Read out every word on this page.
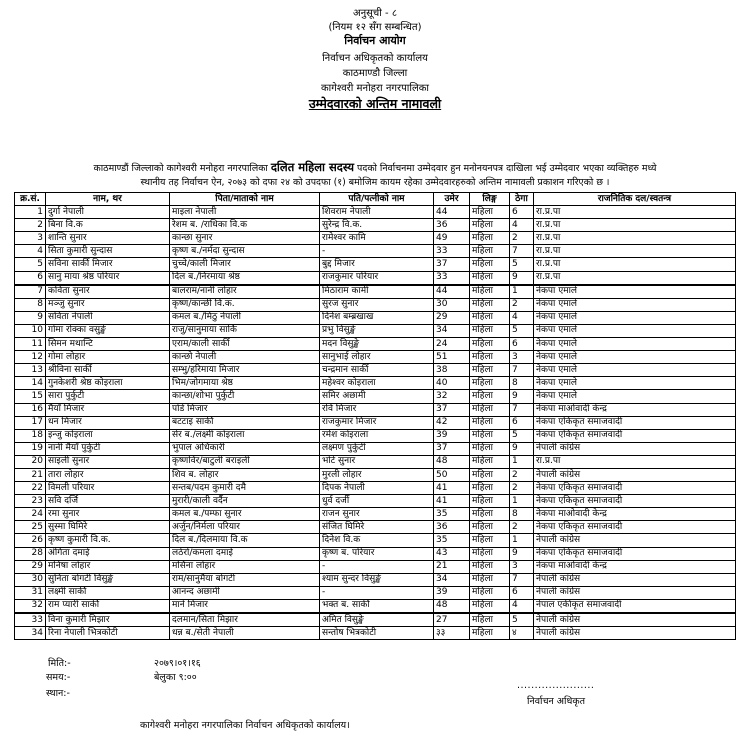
अनुसूची - ८
(नियम १२ सँग सम्बन्धित)
निर्वाचन आयोग
निर्वाचन अधिकृतको कार्यालय
काठमाण्डौ जिल्ला
कागेश्वरी मनोहरा नगरपालिका
उम्मेदवारको अन्तिम नामावली
काठमाण्डौं जिल्लाको कागेश्वरी मनोहरा नगरपालिका दलित महिला सदस्य पदको निर्वाचनमा उम्मेदवार हुन मनोनयनपत्र दाखिला भई उम्मेदवार भएका व्यक्तिहरु मध्ये
स्थानीय तह निर्वाचन ऐन, २०७३ को दफा २४ को उपदफा (१) बमोजिम कायम रहेका उम्मेदवारहरुको अन्तिम नामावली प्रकाशन गरिएको छ ।
क्र.सं.	नाम, थर	पिता/माताको नाम	पति/पत्नीको नाम	उमेर	लिङ्ग	ठेगा	राजनितिक दल/स्वतन्त्र
1	दुर्गा नेपाली	माइला नेपाली	शिवराम नेपाली	44	महिला	6	रा.प्र.पा
2	बिना वि.क	रेशम ब. /राधिका वि.क	सुरेन्द्र वि.क.	36	महिला	4	रा.प्र.पा
3	शान्ति सुनार	कान्छा सुनार	रामेश्वर कामि	49	महिला	2	रा.प्र.पा
4	सिता कुमारी सुन्दास	कृष्ण ब./नर्मदा सुन्दास	-	33	महिला	7	रा.प्र.पा
5	सविना सार्की मिजार	चुच्चे/काली मिजार	बुद्द मिजार	37	महिला	5	रा.प्र.पा
6	सानु माया श्रेष्ठ परियार	दिल ब./निरमाया श्रेष्ठ	राजकुमार परियार	33	महिला	9	रा.प्र.पा
7	कविता सुनार	बालराम/नानी लोहार	मिठाराम कामी	44	महिला	1	नेकपा एमाले
8	मञ्जु सुनार	कृष्ण/कान्छी वि.क.	सुरज सुनार	30	महिला	2	नेकपा एमाले
9	सविता नेपाली	कमल ब./मिठु नेपाली	दिनेश बम्ब्रखाख	29	महिला	4	नेकपा एमाले
10	गोमा रोक्का वसुङ्खे	राजु/सानुमाया सार्कि	प्रभु विसुङ्खे	34	महिला	5	नेकपा एमाले
11	सिमन मथान्टि	एराम/काली सार्की	मदन विसुङ्खे	24	महिला	6	नेकपा एमाले
12	गोमा लोहार	कान्छो नेपाली	सानुभाई लोहार	51	महिला	3	नेकपा एमाले
13	श्रीविना सार्की	सम्भु/हरिमाया मिजार	चन्द्रमान सार्की	38	महिला	7	नेकपा एमाले
14	गुनकेशरी श्रेष्ठ कोइराला	भिम/जोगमाया श्रेष्ठ	महेश्वर कोइराला	40	महिला	8	नेकपा एमाले
15	सारा पुर्कुटी	कान्छा/शोभा पुर्कुटी	समिर अछामी	32	महिला	9	नेकपा एमाले
16	मैयाँ मिजार	पोडे मिजार	रवि मिजार	37	महिला	7	नेकपा माओवादी केन्द्र
17	धन मिजार	बटटाइ सार्की	राजकुमार मिजार	42	महिला	6	नेकपा एकिकृत समाजवादी
18	इन्जु कोइराला	सेर ब./लक्ष्मी कोइराला	रमेश कोइराला	39	महिला	5	नेकपा एकिकृत समाजवादी
19	नानी मैयाँ पुर्कुटी	भुपाल अधिकारी	लक्ष्मण पुर्कुटी	37	महिला	9	नेपाली कांग्रेस
20	साइली सुनार	कृष्णविर/बाटुली बराइली	भोटे सुनार	48	महिला	1	रा.प्र.पा
21	तारा लोहार	शिव ब. लोहार	मुरली लोहार	50	महिला	2	नेपाली कांग्रेस
22	विमली परियार	सन्तब/पदम कुमारी दमै	दिपक नेपाली	41	महिला	2	नेकपा एकिकृत समाजवादी
23	सवि दर्जि	मुरारी/काली वर्दैन	धुर्व दर्जी	41	महिला	1	नेकपा एकिकृत समाजवादी
24	रमा सुनार	कमल ब./पम्फा सुनार	राजन सुनार	35	महिला	8	नेकपा माओवादी केन्द्र
25	सुस्मा घिमिरे	अर्जुन/निर्मला परियार	संजित घिमिरे	36	महिला	2	नेकपा एकिकृत समाजवादी
26	कृष्ण कुमारी वि.क.	दिल ब./दिलमाया वि.क	दिनेश वि.क	35	महिला	1	नेपाली कांग्रेस
28	अंगिता दमाई	लठेरो/कमला दमाई	कृष्ण ब. परियार	43	महिला	9	नेकपा एकिकृत समाजवादी
29	मनिषा लोहार	मसिना लोहार	-	21	महिला	3	नेकपा माओवादी केन्द्र
30	सुनिता बोगटी विसुङ्खे	राम/सानुमैया बोगटी	श्याम सुन्दर विसुङ्खे	34	महिला	7	नेपाली कांग्रेस
31	लक्ष्मी सार्की	आनन्द अछामी	-	39	महिला	6	नेपाली कांग्रेस
32	राम प्यारी सार्की	माने मिजार	भक्त ब. सार्की	48	महिला	4	नेपाल एकीकृत समाजवादी
33	विना कुमारी मिझार	दलमान/सिता मिझार	अमित विसुङ्खे	27	महिला	5	नेपाली कांग्रेस
34	रिना नेपाली भित्रकोटी	धन्न ब./सेती नेपाली	सन्तोष भित्रकोटी	३३	महिला	४	नेपाली कांग्रेस
मिति:-	२०७९।०१।१६
समय:-	बेलुका ९:००
स्थान:-
......................
निर्वाचन अधिकृत
कागेश्वरी मनोहरा नगरपालिका निर्वाचन अधिकृतको कार्यालय।
